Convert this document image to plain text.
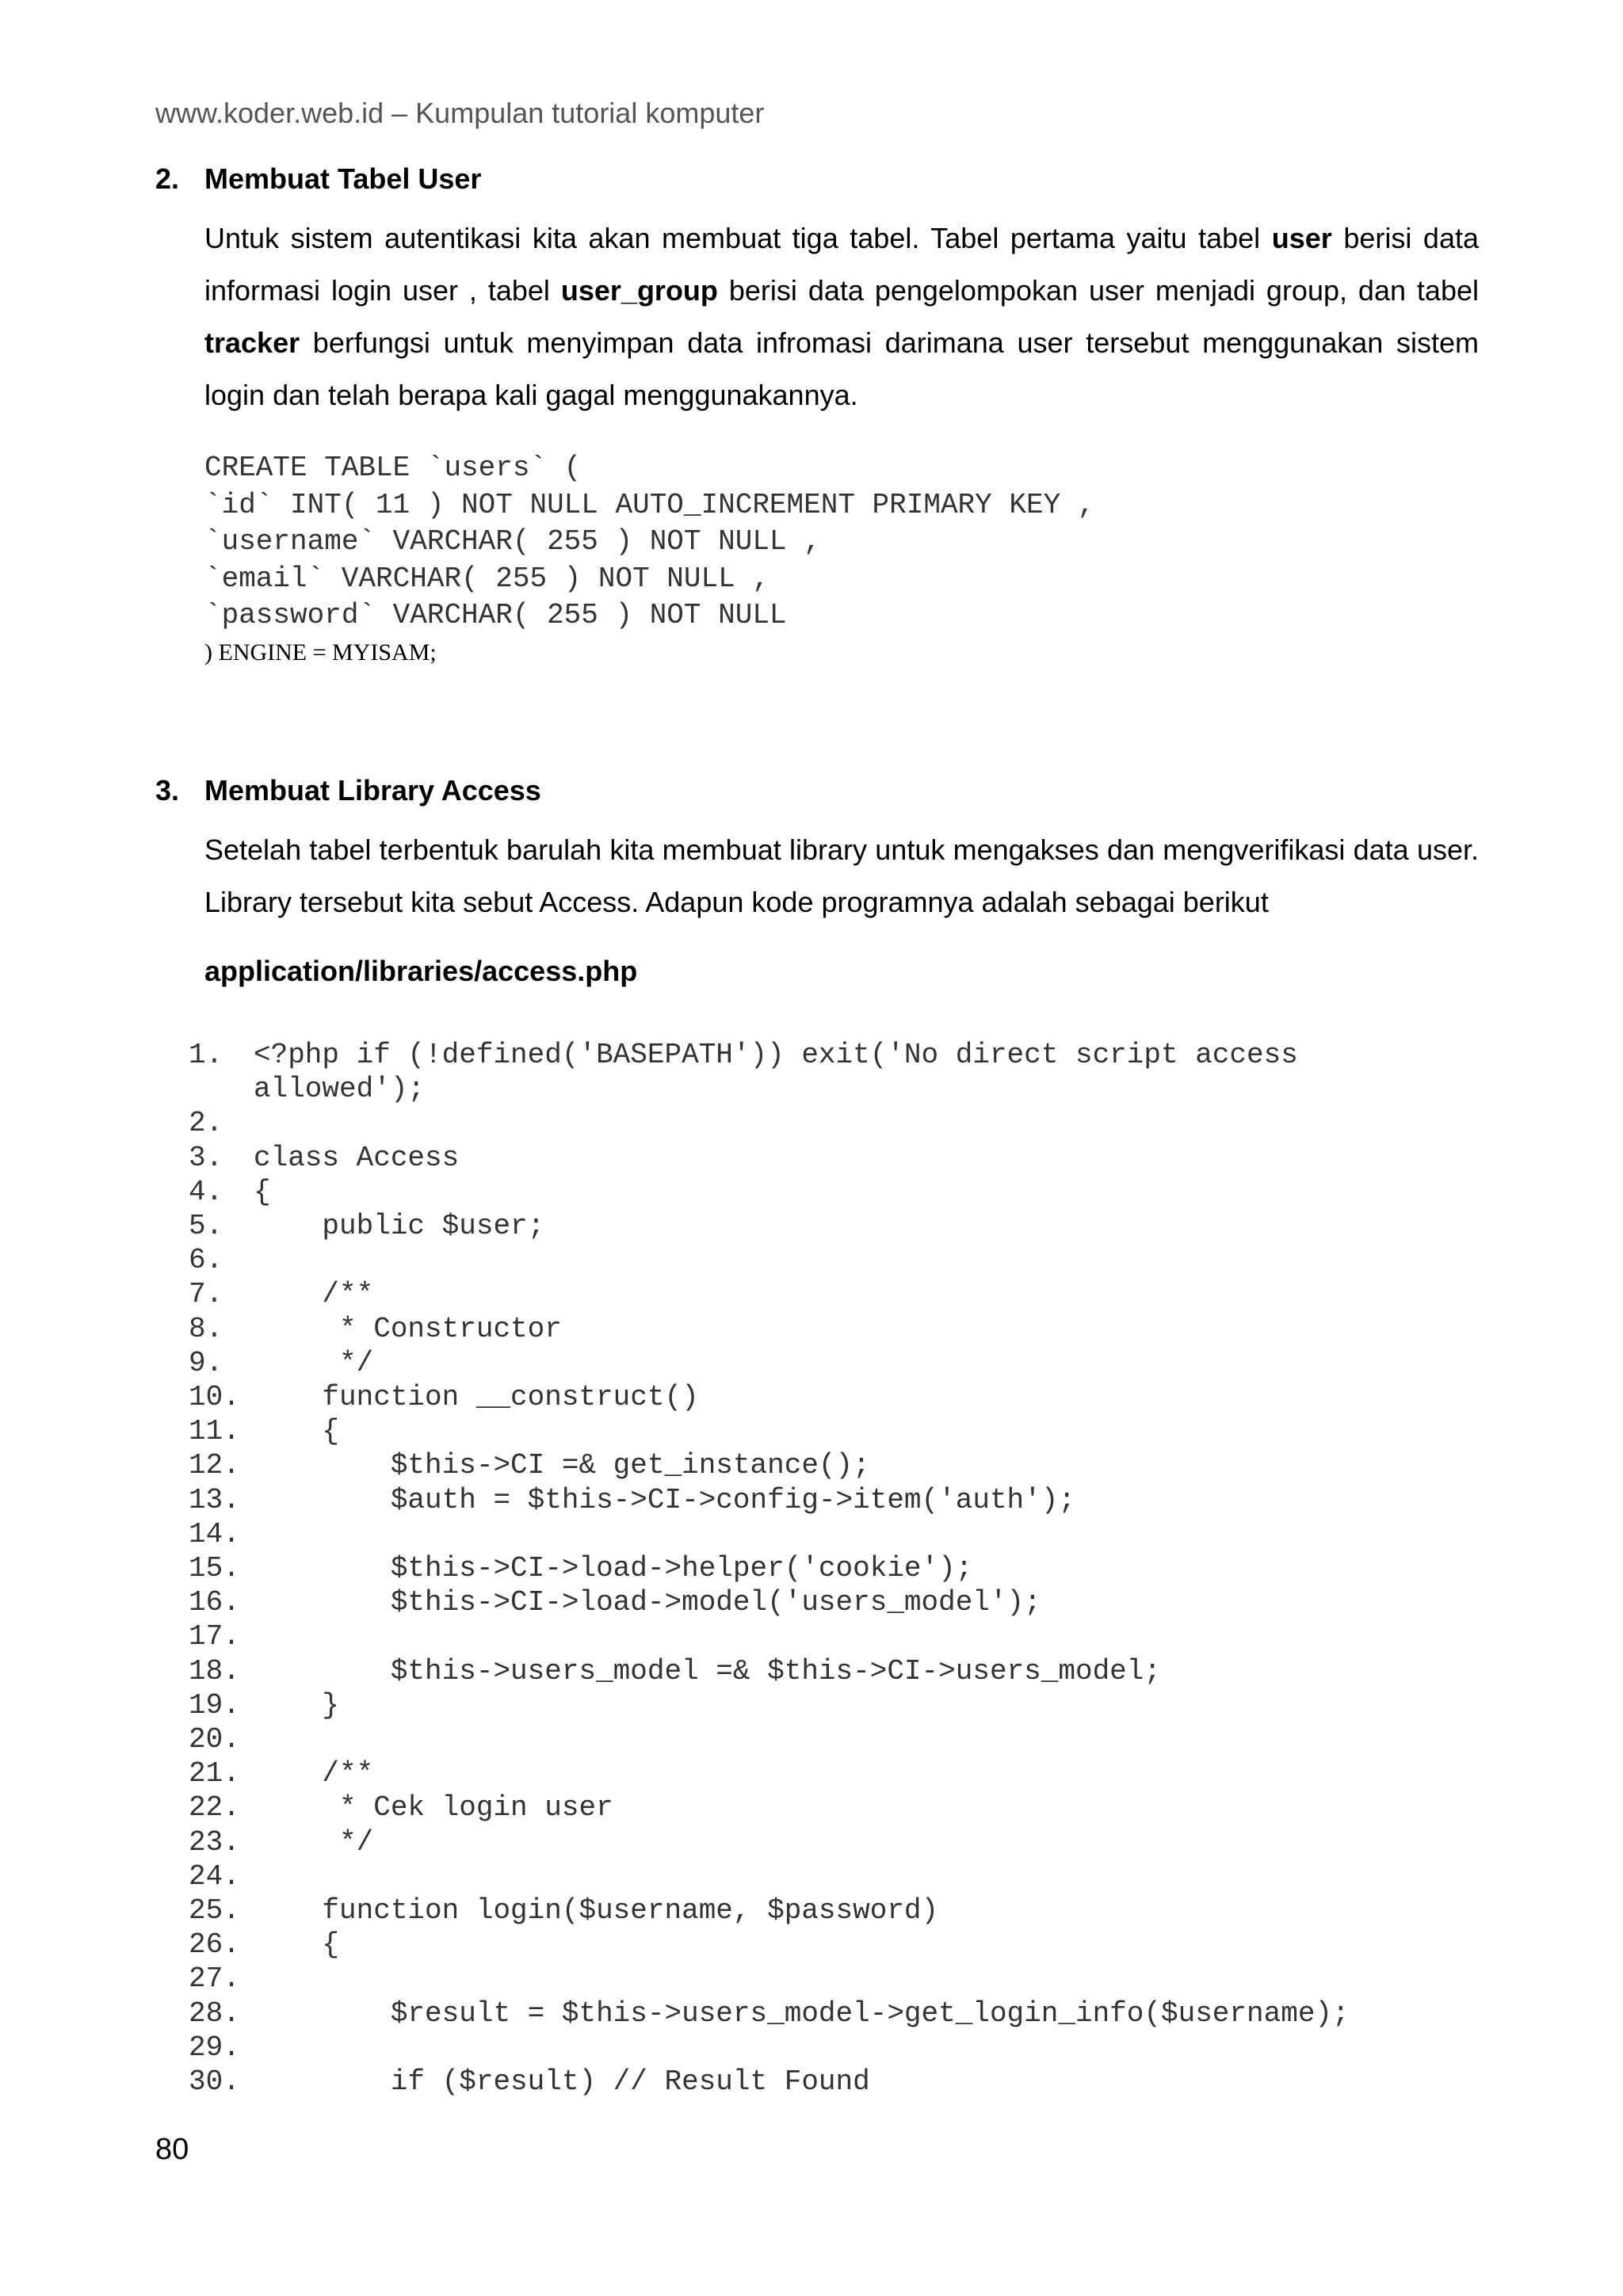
www.koder.web.id – Kumpulan tutorial komputer
2. Membuat Tabel User
Untuk sistem autentikasi kita akan membuat tiga tabel. Tabel pertama yaitu tabel user berisi data informasi login user , tabel user_group berisi data pengelompokan user menjadi group, dan tabel tracker berfungsi untuk menyimpan data infromasi darimana user tersebut menggunakan sistem login dan telah berapa kali gagal menggunakannya.
CREATE TABLE `users` (
`id` INT( 11 ) NOT NULL AUTO_INCREMENT PRIMARY KEY ,
`username` VARCHAR( 255 ) NOT NULL ,
`email` VARCHAR( 255 ) NOT NULL ,
`password` VARCHAR( 255 ) NOT NULL
) ENGINE = MYISAM;
3. Membuat Library Access
Setelah tabel terbentuk barulah kita membuat library untuk mengakses dan mengverifikasi data user. Library tersebut kita sebut Access. Adapun kode programnya adalah sebagai berikut
application/libraries/access.php
1.	<?php if (!defined('BASEPATH')) exit('No direct script access
allowed');
2.
3.	class Access
4.	{
5.	public $user;
6.
7.	/**
8.	* Constructor
9.	*/
10. function __construct()
11. {
12. $this->CI =& get_instance();
13. $auth = $this->CI->config->item('auth');
14.
15. $this->CI->load->helper('cookie');
16. $this->CI->load->model('users_model');
17.
18. $this->users_model =& $this->CI->users_model;
19. }
20.
21. /**
22. * Cek login user
23. */
24.
25. function login($username, $password)
26. {
27.
28. $result = $this->users_model->get_login_info($username);
29.
30. if ($result) // Result Found
80
